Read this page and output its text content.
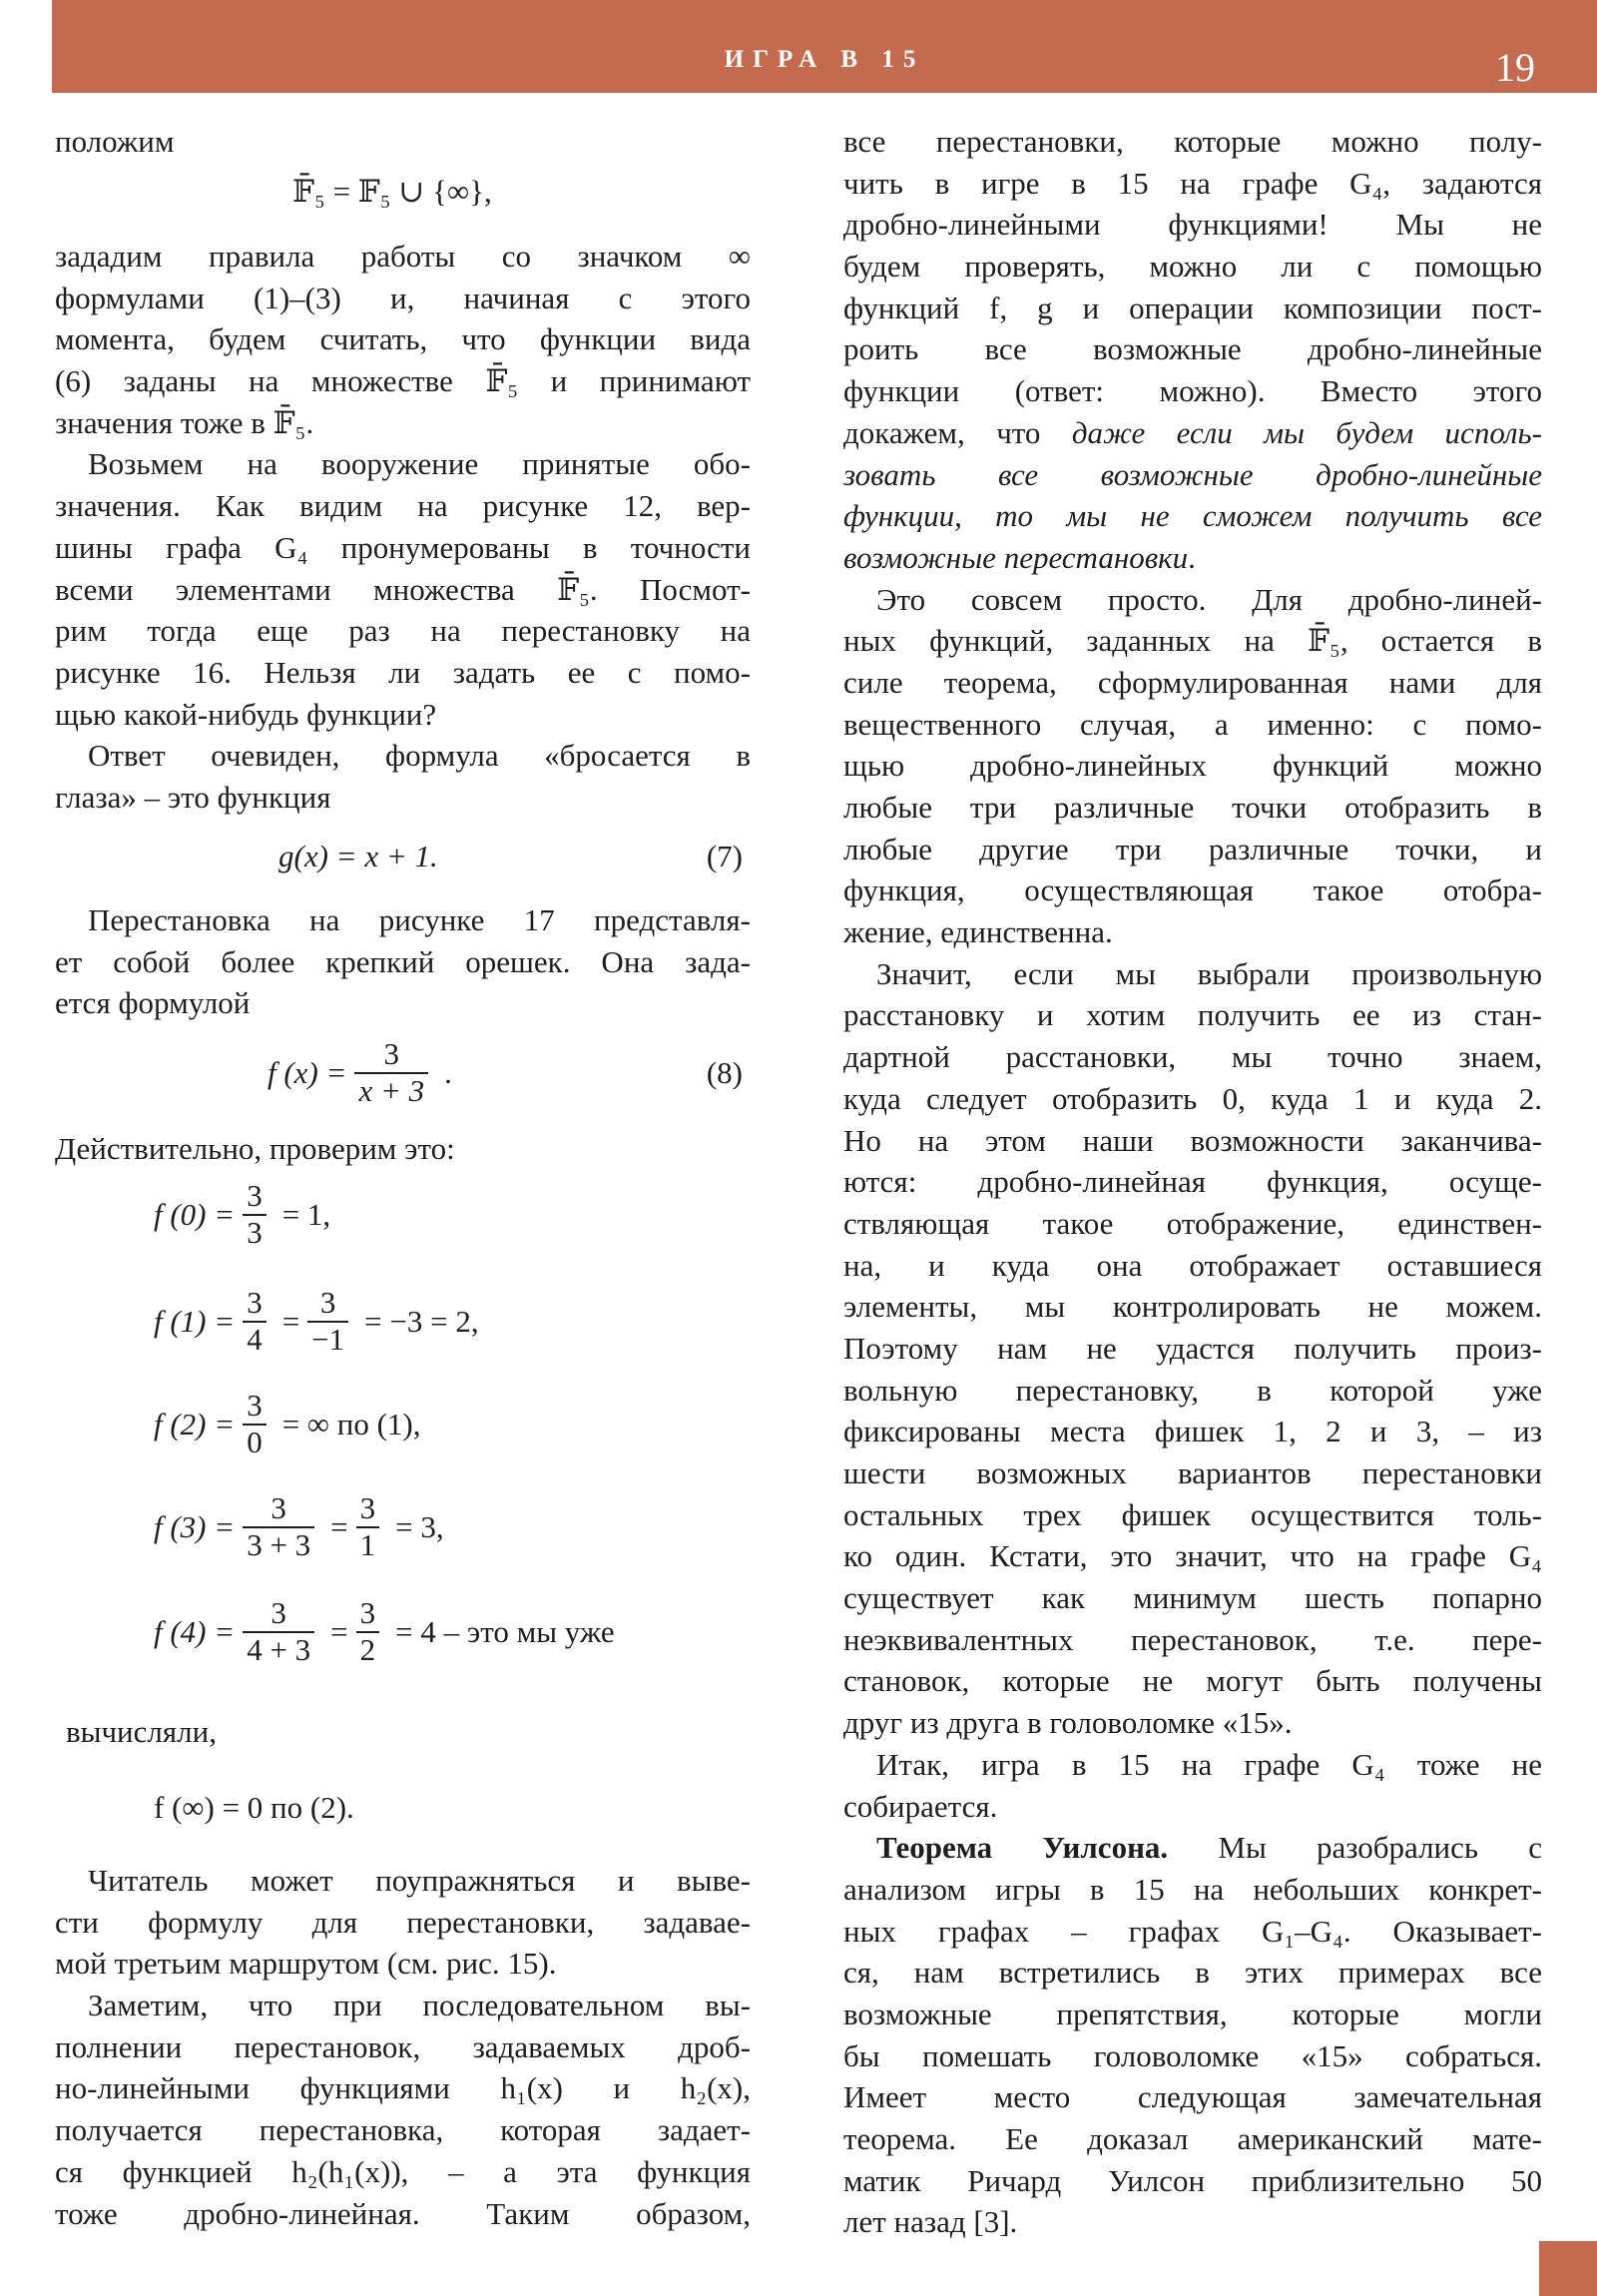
ИГРА В 15	19
положим
𝔽̄₅ = 𝔽₅ ∪ {∞},
зададим правила работы со значком ∞
формулами (1)–(3) и, начиная с этого
момента, будем считать, что функции вида
(6) заданы на множестве 𝔽̄₅ и принимают
значения тоже в 𝔽̄₅.
Возьмем на вооружение принятые обо-
значения. Как видим на рисунке 12, вер-
шины графа G₄ пронумерованы в точности
всеми элементами множества 𝔽̄₅. Посмот-
рим тогда еще раз на перестановку на
рисунке 16. Нельзя ли задать ее с помо-
щью какой-нибудь функции?
Ответ очевиден, формула «бросается в
глаза» – это функция
g(x) = x + 1.	(7)
Перестановка на рисунке 17 представля-
ет собой более крепкий орешек. Она зада-
ется формулой
f $(x) = \frac{3}{x + 3}$ .	(8)
Действительно, проверим это:
f $(0) = \frac{3}{3} = 1$,
f $(1) = \frac{3}{4} = \frac{3}{-1} = -3 = 2$,
f $(2) = \frac{3}{0}$ = ∞ по (1),
f $(3) = \frac{3}{3 + 3} = \frac{3}{1} = 3$,
f $(4) = \frac{3}{4 + 3} = \frac{3}{2} = 4$ – это мы уже
вычисляли,
f (∞) = 0 по (2).
Читатель может поупражняться и выве-
сти формулу для перестановки, задавае-
мой третьим маршрутом (см. рис. 15).
Заметим, что при последовательном вы-
полнении перестановок, задаваемых дроб-
но-линейными функциями h₁(x) и h₂(x),
получается перестановка, которая задает-
ся функцией h₂(h₁(x)), – а эта функция
тоже дробно-линейная. Таким образом,
все перестановки, которые можно полу-
чить в игре в 15 на графе G₄, задаются
дробно-линейными функциями! Мы не
будем проверять, можно ли с помощью
функций f, g и операции композиции пост-
роить все возможные дробно-линейные
функции (ответ: можно). Вместо этого
докажем, что даже если мы будем исполь-
зовать все возможные дробно-линейные
функции, то мы не сможем получить все
возможные перестановки.
Это совсем просто. Для дробно-линей-
ных функций, заданных на 𝔽̄₅, остается в
силе теорема, сформулированная нами для
вещественного случая, а именно: с помо-
щью дробно-линейных функций можно
любые три различные точки отобразить в
любые другие три различные точки, и
функция, осуществляющая такое отобра-
жение, единственна.
Значит, если мы выбрали произвольную
расстановку и хотим получить ее из стан-
дартной расстановки, мы точно знаем,
куда следует отобразить 0, куда 1 и куда 2.
Но на этом наши возможности заканчива-
ются: дробно-линейная функция, осуще-
ствляющая такое отображение, единствен-
на, и куда она отображает оставшиеся
элементы, мы контролировать не можем.
Поэтому нам не удастся получить произ-
вольную перестановку, в которой уже
фиксированы места фишек 1, 2 и 3, – из
шести возможных вариантов перестановки
остальных трех фишек осуществится толь-
ко один. Кстати, это значит, что на графе G₄
существует как минимум шесть попарно
неэквивалентных перестановок, т.е. пере-
становок, которые не могут быть получены
друг из друга в головоломке «15».
Итак, игра в 15 на графе G₄ тоже не
собирается.
Теорема Уилсона. Мы разобрались с
анализом игры в 15 на небольших конкрет-
ных графах – графах G₁–G₄. Оказывает-
ся, нам встретились в этих примерах все
возможные препятствия, которые могли
бы помешать головоломке «15» собраться.
Имеет место следующая замечательная
теорема. Ее доказал американский мате-
матик Ричард Уилсон приблизительно 50
лет назад [3].
